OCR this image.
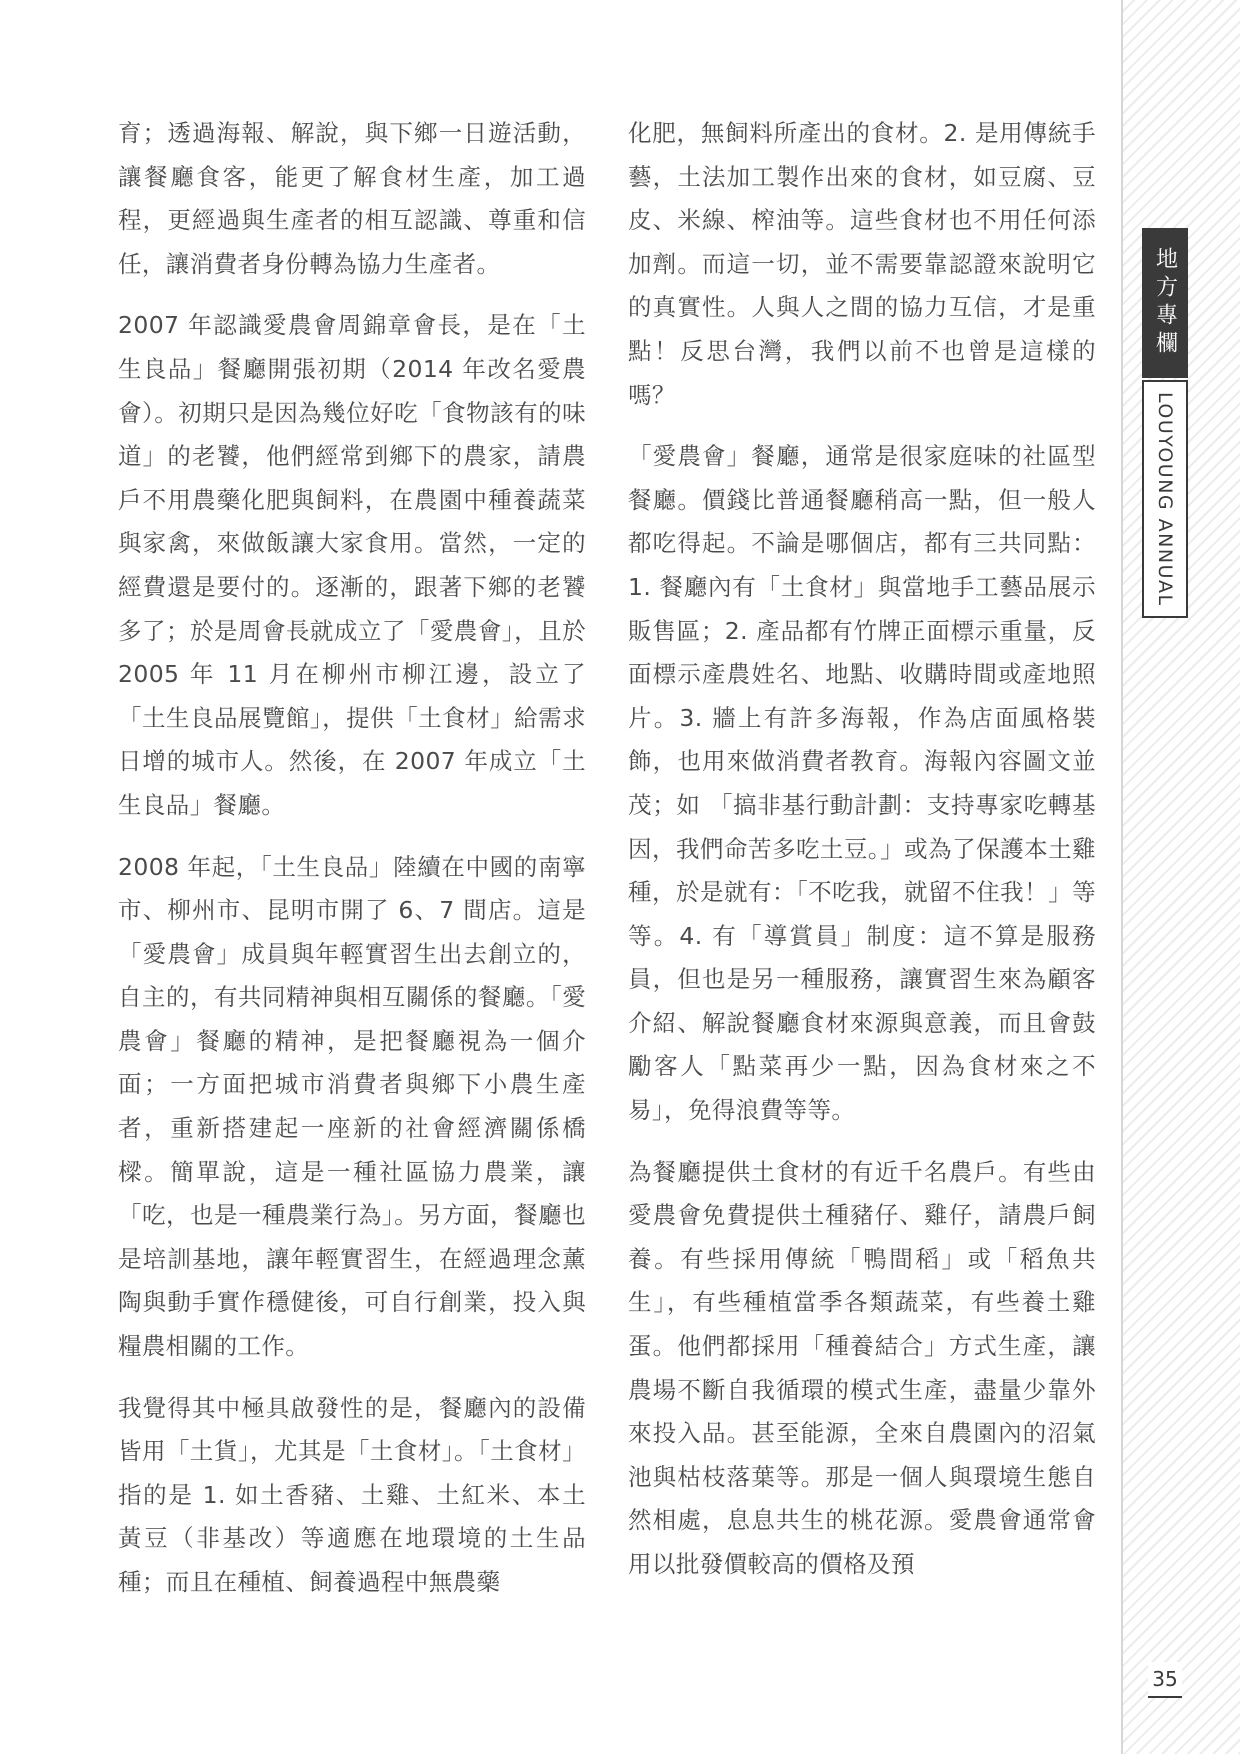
育；透過海報、解說，與下鄉一日遊活動，讓餐廳食客，能更了解食材生產，加工過程，更經過與生產者的相互認識、尊重和信任，讓消費者身份轉為協力生產者。

2007 年認識愛農會周錦章會長，是在「土生良品」餐廳開張初期（2014 年改名愛農會）。初期只是因為幾位好吃「食物該有的味道」的老饕，他們經常到鄉下的農家，請農戶不用農藥化肥與飼料，在農園中種養蔬菜與家禽，來做飯讓大家食用。當然，一定的經費還是要付的。逐漸的，跟著下鄉的老饕多了；於是周會長就成立了「愛農會」，且於 2005 年 11 月在柳州市柳江邊，設立了「土生良品展覽館」，提供「土食材」給需求日增的城市人。然後，在 2007 年成立「土生良品」餐廳。

2008 年起，「土生良品」陸續在中國的南寧市、柳州市、昆明市開了 6、7 間店。這是「愛農會」成員與年輕實習生出去創立的，自主的，有共同精神與相互關係的餐廳。「愛農會」餐廳的精神，是把餐廳視為一個介面；一方面把城市消費者與鄉下小農生產者，重新搭建起一座新的社會經濟關係橋樑。簡單說，這是一種社區協力農業，讓「吃，也是一種農業行為」。另方面，餐廳也是培訓基地，讓年輕實習生，在經過理念薰陶與動手實作穩健後，可自行創業，投入與糧農相關的工作。

我覺得其中極具啟發性的是，餐廳內的設備皆用「土貨」，尤其是「土食材」。「土食材」指的是 1. 如土香豬、土雞、土紅米、本土黃豆（非基改）等適應在地環境的土生品種；而且在種植、飼養過程中無農藥

化肥，無飼料所產出的食材。2. 是用傳統手藝，土法加工製作出來的食材，如豆腐、豆皮、米線、榨油等。這些食材也不用任何添加劑。而這一切，並不需要靠認證來說明它的真實性。人與人之間的協力互信，才是重點！反思台灣，我們以前不也曾是這樣的嗎？

「愛農會」餐廳，通常是很家庭味的社區型餐廳。價錢比普通餐廳稍高一點，但一般人都吃得起。不論是哪個店，都有三共同點：1. 餐廳內有「土食材」與當地手工藝品展示販售區；2. 產品都有竹牌正面標示重量，反面標示產農姓名、地點、收購時間或產地照片。3. 牆上有許多海報，作為店面風格裝飾，也用來做消費者教育。海報內容圖文並茂；如 「搞非基行動計劃：支持專家吃轉基因，我們命苦多吃土豆。」或為了保護本土雞種，於是就有：「不吃我，就留不住我！」等等。4. 有「導賞員」制度：這不算是服務員，但也是另一種服務，讓實習生來為顧客介紹、解說餐廳食材來源與意義，而且會鼓勵客人「點菜再少一點，因為食材來之不易」，免得浪費等等。

為餐廳提供土食材的有近千名農戶。有些由愛農會免費提供土種豬仔、雞仔，請農戶飼養。有些採用傳統「鴨間稻」或「稻魚共生」，有些種植當季各類蔬菜，有些養土雞蛋。他們都採用「種養結合」方式生產，讓農場不斷自我循環的模式生產，盡量少靠外來投入品。甚至能源，全來自農園內的沼氣池與枯枝落葉等。那是一個人與環境生態自然相處，息息共生的桃花源。愛農會通常會用以批發價較高的價格及預

地方專欄
LOUYOUNG ANNUAL
35
